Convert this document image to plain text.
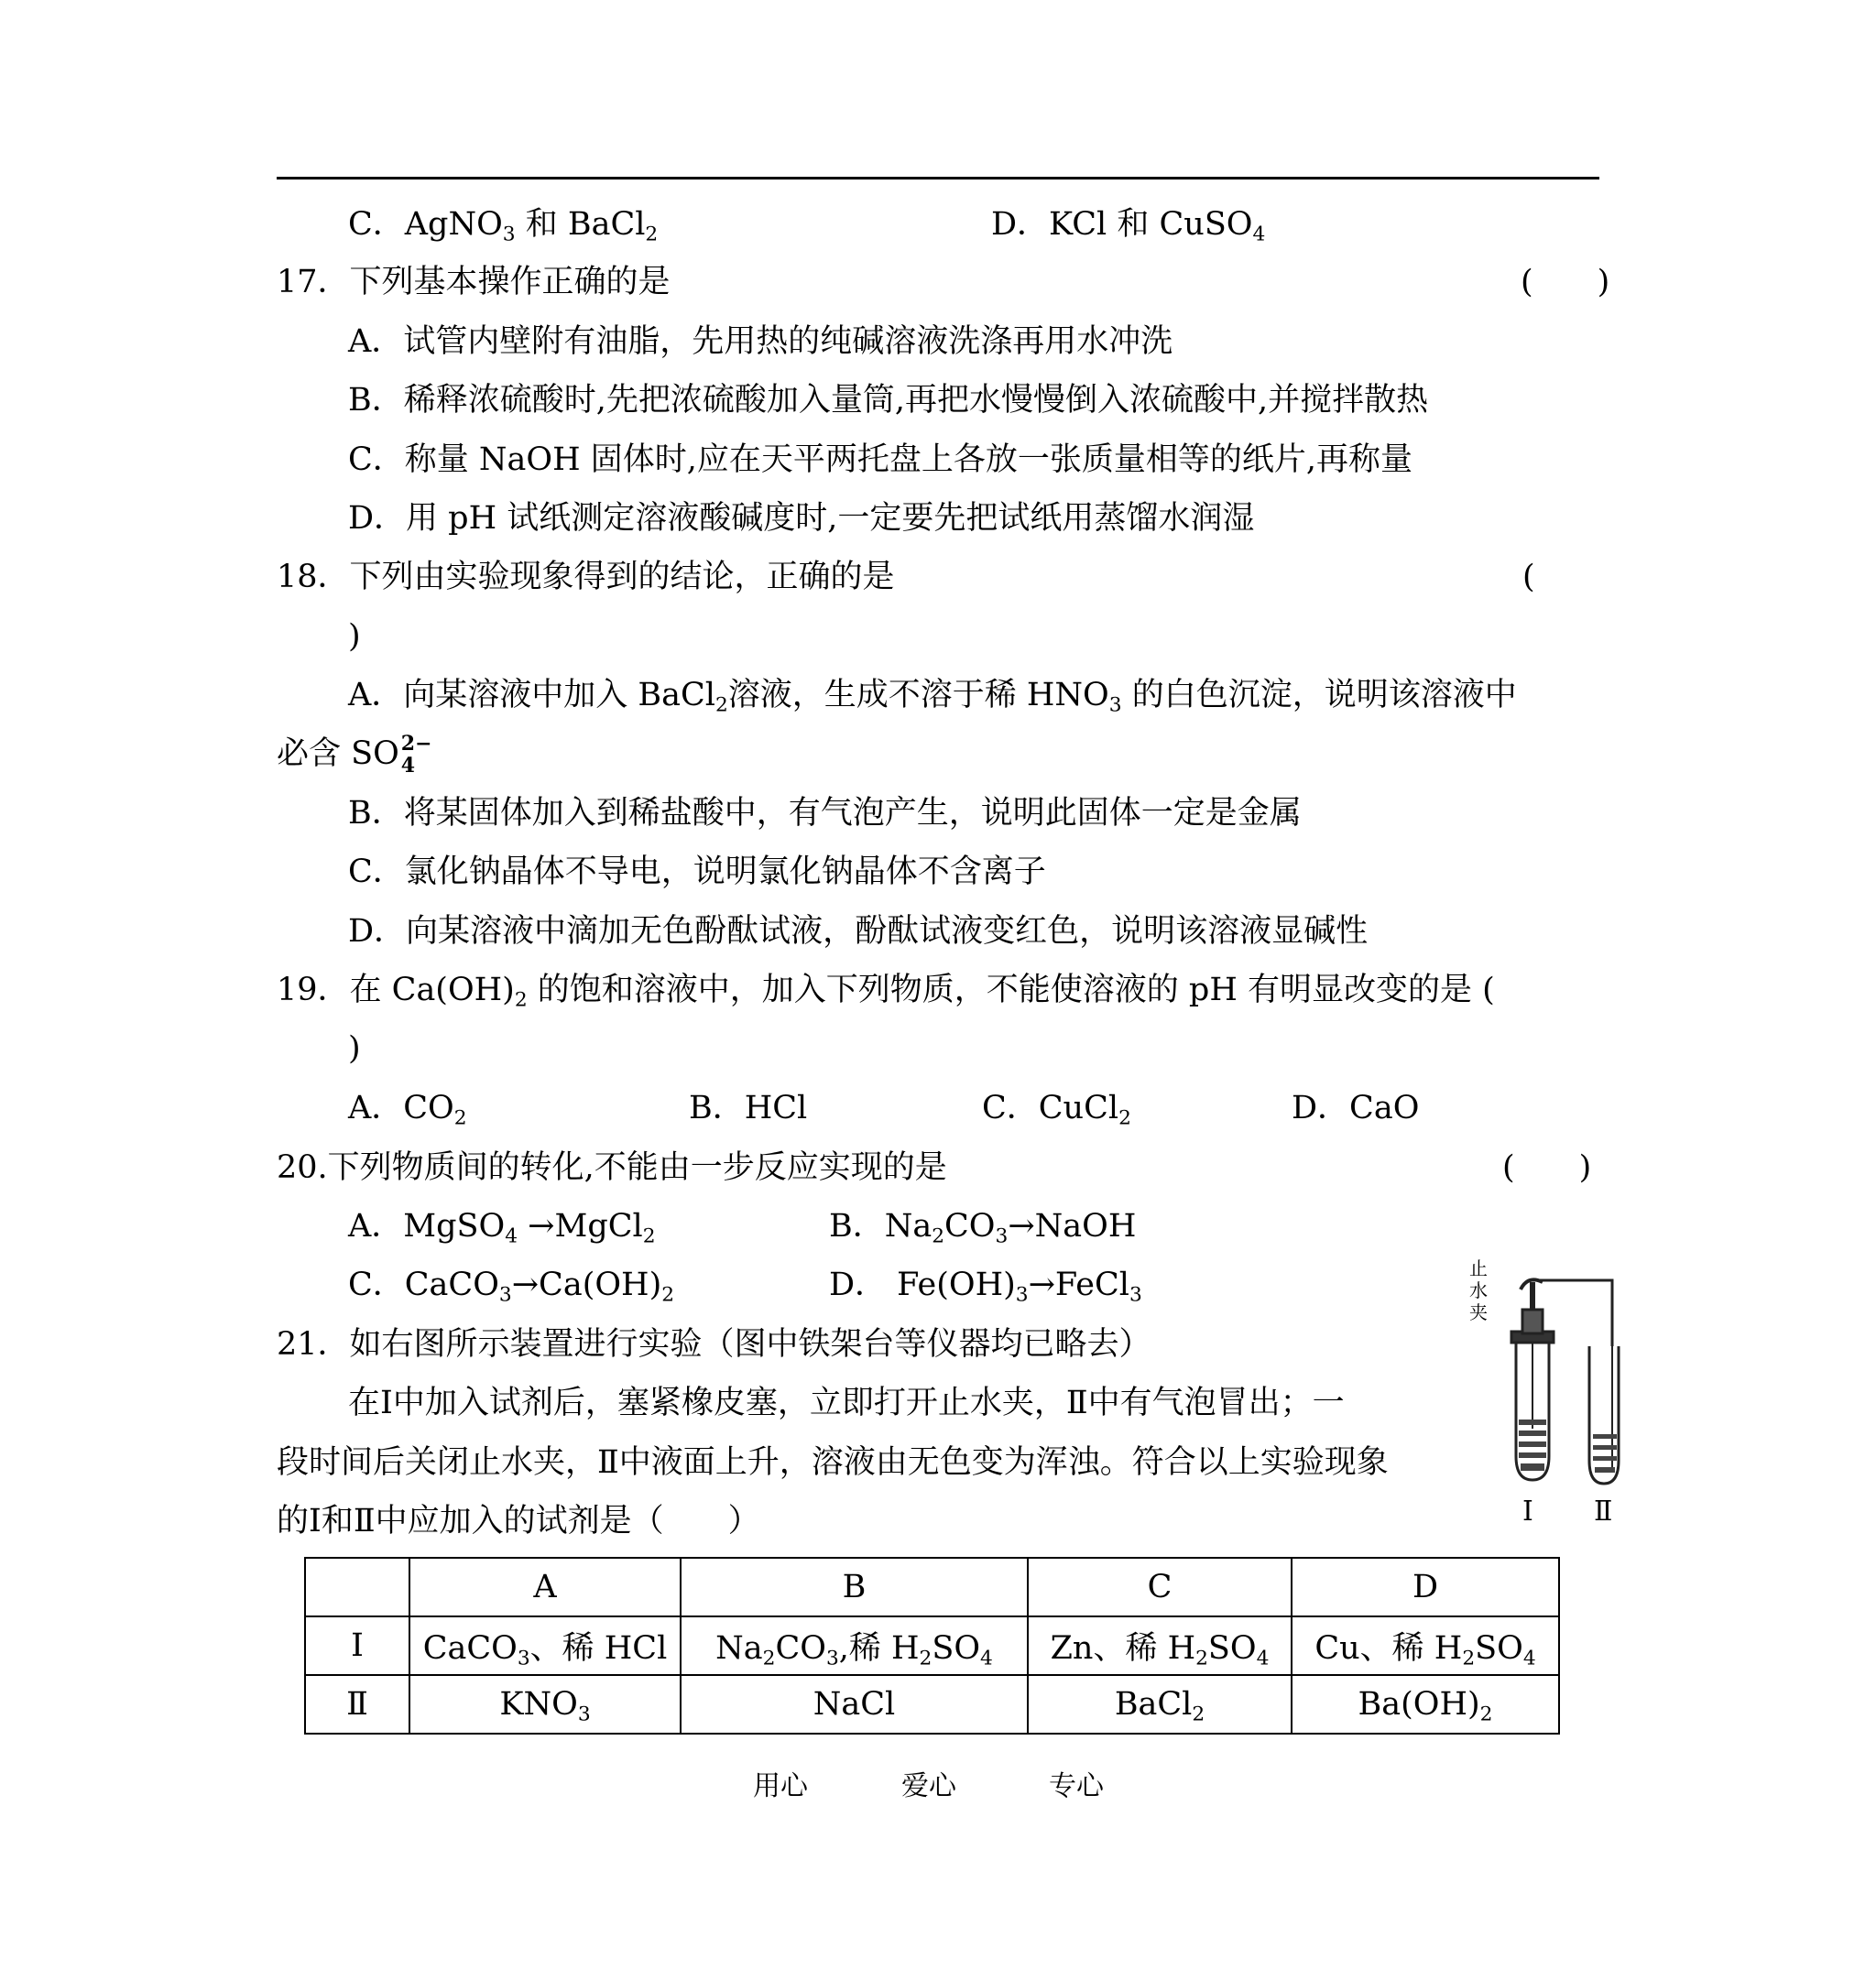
C．AgNO$_3$ 和 BaCl$_2$	D．KCl 和 CuSO$_4$
17．下列基本操作正确的是	(　　)
A．试管内壁附有油脂，先用热的纯碱溶液洗涤再用水冲洗
B．稀释浓硫酸时,先把浓硫酸加入量筒,再把水慢慢倒入浓硫酸中,并搅拌散热
C．称量 NaOH 固体时,应在天平两托盘上各放一张质量相等的纸片,再称量
D．用 pH 试纸测定溶液酸碱度时,一定要先把试纸用蒸馏水润湿
18．下列由实验现象得到的结论，正确的是	(
)
A．向某溶液中加入 BaCl$_2$溶液，生成不溶于稀 $HNO_3$ 的白色沉淀，说明该溶液中
必含 SO 2−
4
B．将某固体加入到稀盐酸中，有气泡产生，说明此固体一定是金属
C．氯化钠晶体不导电，说明氯化钠晶体不含离子
D．向某溶液中滴加无色酚酞试液，酚酞试液变红色，说明该溶液显碱性
19．在 $Ca(OH)_2$ 的饱和溶液中，加入下列物质，不能使溶液的 pH 有明显改变的是 (
)
A．$CO_2$	B．HCl	C．CuCl$_2$	D．CaO
20.下列物质间的转化,不能由一步反应实现的是	(　　)
A．MgSO$_4$ →MgCl$_2$	B．$Na_2CO_3\to NaOH$
C．$CaCO_3\to Ca(OH)_2$	D． $Fe(OH)_3\to FeCl_3$
21．如右图所示装置进行实验（图中铁架台等仪器均已略去）
在Ⅰ中加入试剂后，塞紧橡皮塞，立即打开止水夹，Ⅱ中有气泡冒出；一
段时间后关闭止水夹，Ⅱ中液面上升，溶液由无色变为浑浊。符合以上实验现象
的Ⅰ和Ⅱ中应加入的试剂是（　　）
止
水
夹
Ⅰ Ⅱ
	A	B	C	D
Ⅰ	CaCO$_3$、稀 HCl	$Na_2CO_3$,稀 $H_2SO_4$	Zn、稀 $H_2SO_4$	Cu、稀 $H_2SO_4$
Ⅱ	$KNO_3$	NaCl	BaCl$_2$	$Ba(OH)_2$
用心	爱心	专心
